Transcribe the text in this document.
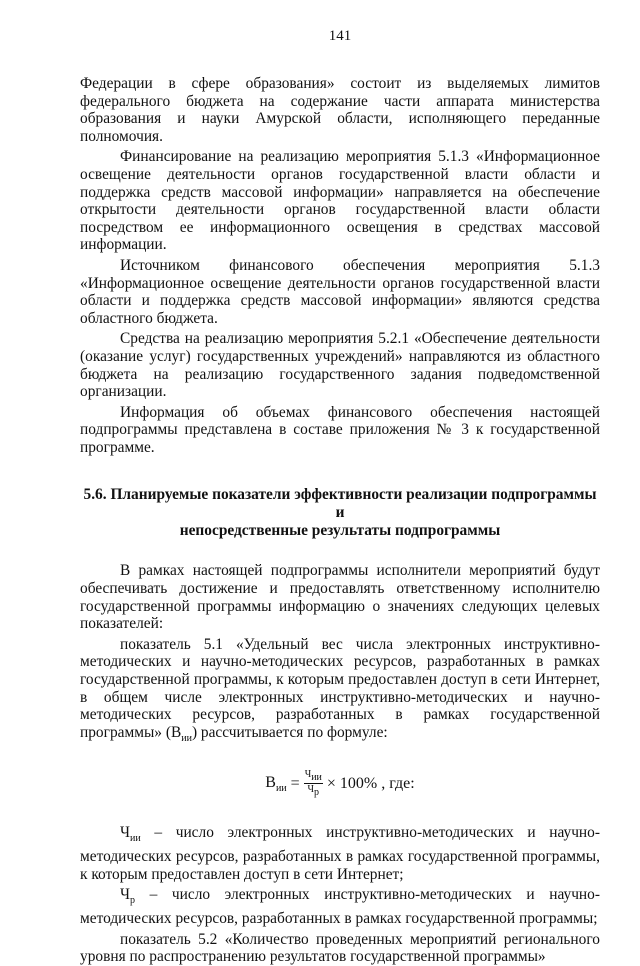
141

Федерации в сфере образования» состоит из выделяемых лимитов федерального бюджета на содержание части аппарата министерства образования и науки Амурской области, исполняющего переданные полномочия.

Финансирование на реализацию мероприятия 5.1.3 «Информационное освещение деятельности органов государственной власти области и поддержка средств массовой информации» направляется на обеспечение открытости деятельности органов государственной власти области посредством ее информационного освещения в средствах массовой информации.

Источником финансового обеспечения мероприятия 5.1.3 «Информационное освещение деятельности органов государственной власти области и поддержка средств массовой информации» являются средства областного бюджета.

Средства на реализацию мероприятия 5.2.1 «Обеспечение деятельности (оказание услуг) государственных учреждений» направляются из областного бюджета на реализацию государственного задания подведомственной организации.

Информация об объемах финансового обеспечения настоящей подпрограммы представлена в составе приложения № 3 к государственной программе.

5.6. Планируемые показатели эффективности реализации подпрограммы и
непосредственные результаты подпрограммы

В рамках настоящей подпрограммы исполнители мероприятий будут обеспечивать достижение и предоставлять ответственному исполнителю государственной программы информацию о значениях следующих целевых показателей:

показатель 5.1 «Удельный вес числа электронных инструктивно-методических и научно-методических ресурсов, разработанных в рамках государственной программы, к которым предоставлен доступ в сети Интернет, в общем числе электронных инструктивно-методических и научно-методических ресурсов, разработанных в рамках государственной программы» $(В_{ии})$ рассчитывается по формуле:

$В_{ии} = \frac{Ч_{ии}}{Ч_р} \times 100\%$ , где:

$Ч_{ии}$ – число электронных инструктивно-методических и научно-методических ресурсов, разработанных в рамках государственной программы, к которым предоставлен доступ в сети Интернет;

$Ч_р$ – число электронных инструктивно-методических и научно-методических ресурсов, разработанных в рамках государственной программы;

показатель 5.2 «Количество проведенных мероприятий регионального уровня по распространению результатов государственной программы»
